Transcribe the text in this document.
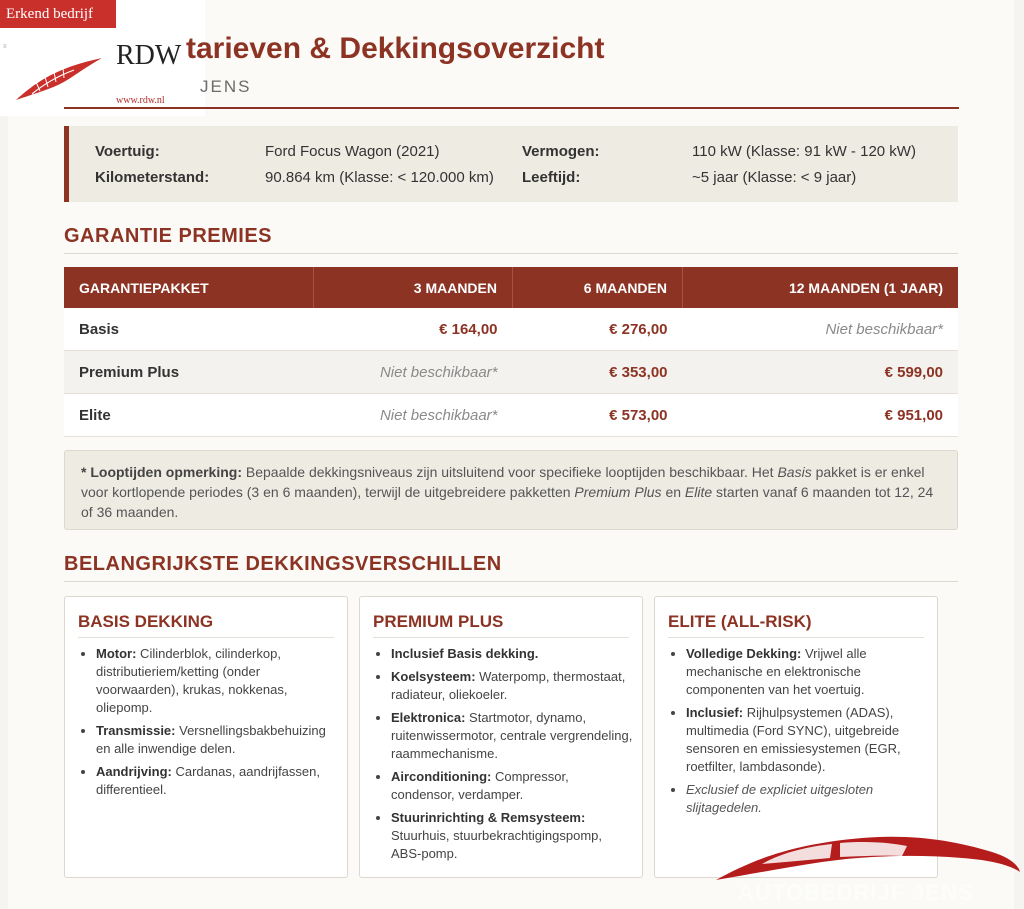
Erkend bedrijf
RDW
www.rdw.nl
≡	tarieven & Dekkingsoverzicht
JENS
Voertuig:	Ford Focus Wagon (2021)
Kilometerstand:	90.864 km (Klasse: < 120.000 km)
Vermogen:	110 kW (Klasse: 91 kW - 120 kW)
Leeftijd:	~5 jaar (Klasse: < 9 jaar)
GARANTIE PREMIES
GARANTIEPAKKET	3 MAANDEN	6 MAANDEN	12 MAANDEN (1 JAAR)
Basis	€ 164,00	€ 276,00	Niet beschikbaar*
Premium Plus	Niet beschikbaar*	€ 353,00	€ 599,00
Elite	Niet beschikbaar*	€ 573,00	€ 951,00
* Looptijden opmerking: Bepaalde dekkingsniveaus zijn uitsluitend voor specifieke looptijden beschikbaar. Het Basis pakket is er enkel voor kortlopende periodes (3 en 6 maanden), terwijl de uitgebreidere pakketten Premium Plus en Elite starten vanaf 6 maanden tot 12, 24 of 36 maanden.
BELANGRIJKSTE DEKKINGSVERSCHILLEN
BASIS DEKKING
• Motor: Cilinderblok, cilinderkop, distributieriem/ketting (onder voorwaarden), krukas, nokkenas, oliepomp.
• Transmissie: Versnellingsbakbehuizing en alle inwendige delen.
• Aandrijving: Cardanas, aandrijfassen, differentieel.
PREMIUM PLUS
• Inclusief Basis dekking.
• Koelsysteem: Waterpomp, thermostaat, radiateur, oliekoeler.
• Elektronica: Startmotor, dynamo, ruitenwissermotor, centrale vergrendeling, raammechanisme.
• Airconditioning: Compressor, condensor, verdamper.
• Stuurinrichting & Remsysteem: Stuurhuis, stuurbekrachtigingspomp, ABS-pomp.
ELITE (ALL-RISK)
• Volledige Dekking: Vrijwel alle mechanische en elektronische componenten van het voertuig.
• Inclusief: Rijhulpsystemen (ADAS), multimedia (Ford SYNC), uitgebreide sensoren en emissiesystemen (EGR, roetfilter, lambdasonde).
• Exclusief de expliciet uitgesloten slijtagedelen.
AUTOBEDRIJF JENS
